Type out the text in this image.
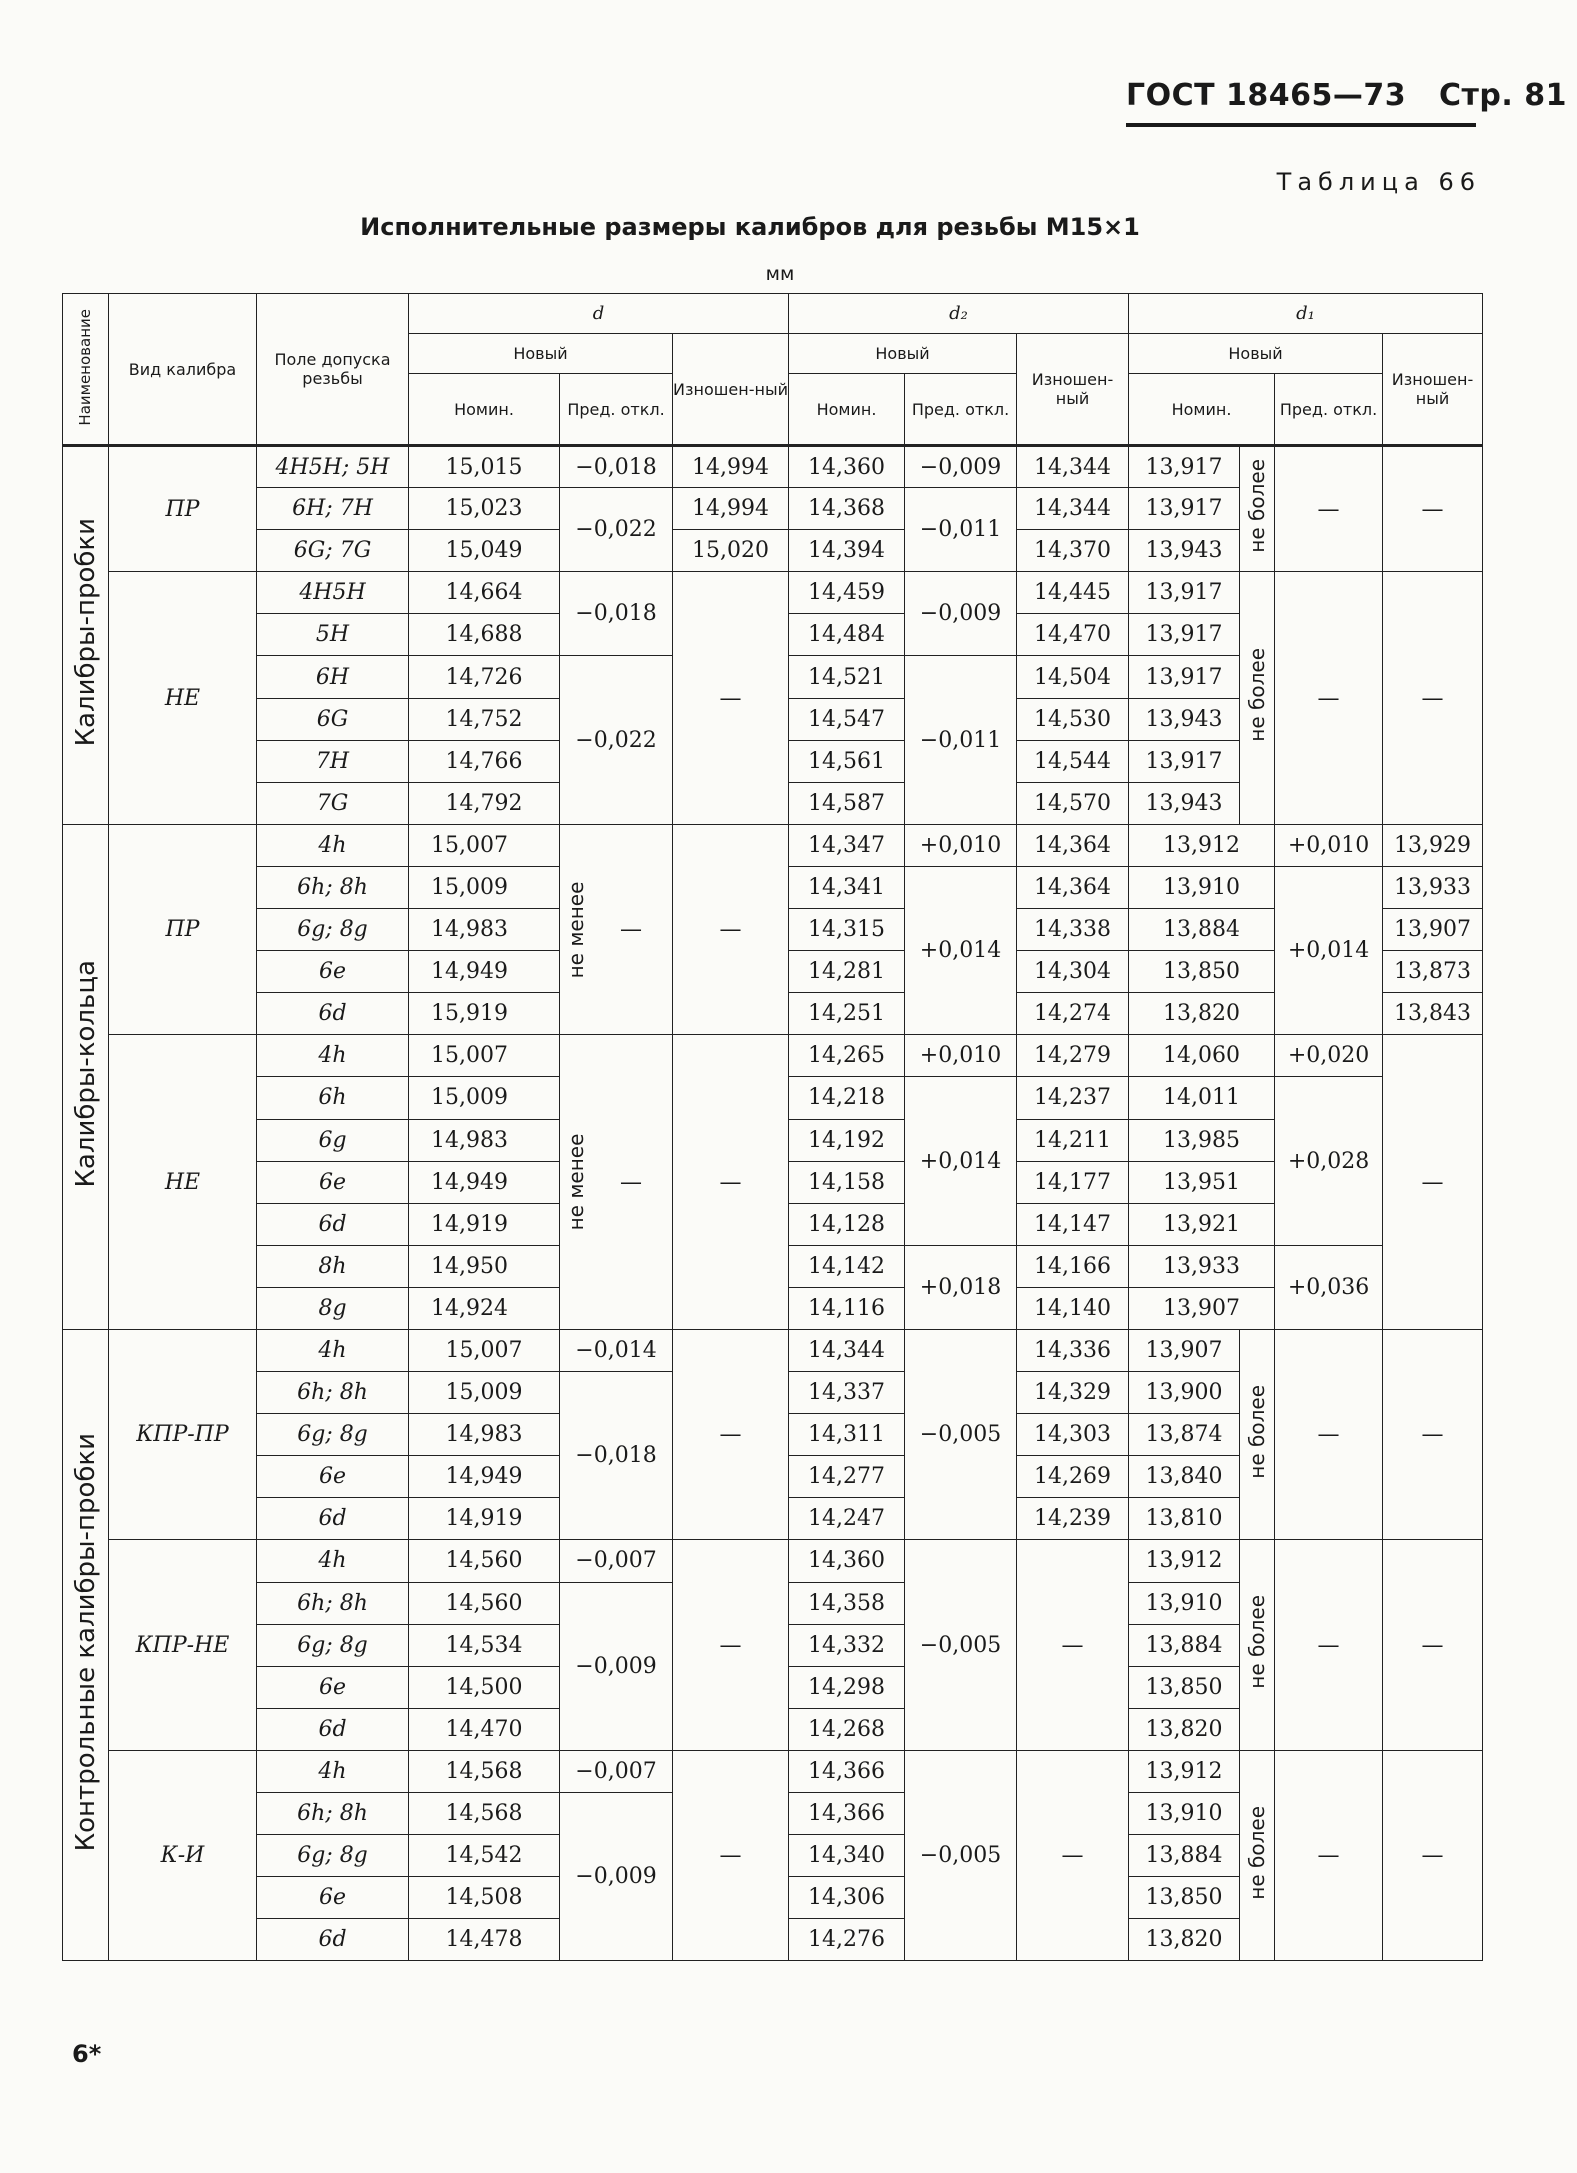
ГОСТ 18465—73 Стр. 81
Таблица 66
Исполнительные размеры калибров для резьбы М15×1
мм
Наименование	Вид калибра	Поле допуска резьбы	d			d₂			d₁			
			Новый		Изношен-ный	Новый		Изношен-ный	Новый			Изношен-ный
			Номин.	Пред. откл.		Номин.	Пред. откл.		Номин.		Пред. откл.	
Калибры-пробки	ПР	4H5H; 5H	15,015	−0,018	14,994	14,360	−0,009	14,344	13,917	не более	—	—
		6H; 7H	15,023	−0,022	14,994	14,368	−0,011	14,344	13,917			
		6G; 7G	15,049		15,020	14,394		14,370	13,943			
	НЕ	4H5H	14,664	−0,018	—	14,459	−0,009	14,445	13,917	не более	—	—
		5H	14,688			14,484		14,470	13,917			
		6H	14,726	−0,022		14,521	−0,011	14,504	13,917			
		6G	14,752			14,547		14,530	13,943			
		7H	14,766			14,561		14,544	13,917			
		7G	14,792			14,587		14,570	13,943			
Калибры-кольца	ПР	4h	15,007	не менее —	—	14,347	+0,010	14,364	13,912		+0,010	13,929
		6h; 8h	15,009			14,341	+0,014	14,364	13,910		+0,014	13,933
		6g; 8g	14,983			14,315		14,338	13,884			13,907
		6e	14,949			14,281		14,304	13,850			13,873
		6d	15,919			14,251		14,274	13,820			13,843
	НЕ	4h	15,007	не менее —	—	14,265	+0,010	14,279	14,060		+0,020	—
		6h	15,009			14,218	+0,014	14,237	14,011		+0,028	
		6g	14,983			14,192		14,211	13,985			
		6e	14,949			14,158		14,177	13,951			
		6d	14,919			14,128		14,147	13,921			
		8h	14,950			14,142	+0,018	14,166	13,933		+0,036	
		8g	14,924			14,116		14,140	13,907			
Контрольные калибры-пробки	КПР-ПР	4h	15,007	−0,014	—	14,344	−0,005	14,336	13,907	не более	—	—
		6h; 8h	15,009	−0,018		14,337		14,329	13,900			
		6g; 8g	14,983			14,311		14,303	13,874			
		6e	14,949			14,277		14,269	13,840			
		6d	14,919			14,247		14,239	13,810			
	КПР-НЕ	4h	14,560	−0,007	—	14,360	−0,005	—	13,912	не более	—	—
		6h; 8h	14,560	−0,009		14,358			13,910			
		6g; 8g	14,534			14,332			13,884			
		6e	14,500			14,298			13,850			
		6d	14,470			14,268			13,820			
	К-И	4h	14,568	−0,007	—	14,366	−0,005	—	13,912	не более	—	—
		6h; 8h	14,568	−0,009		14,366			13,910			
		6g; 8g	14,542			14,340			13,884			
		6e	14,508			14,306			13,850			
		6d	14,478			14,276			13,820			
6*
